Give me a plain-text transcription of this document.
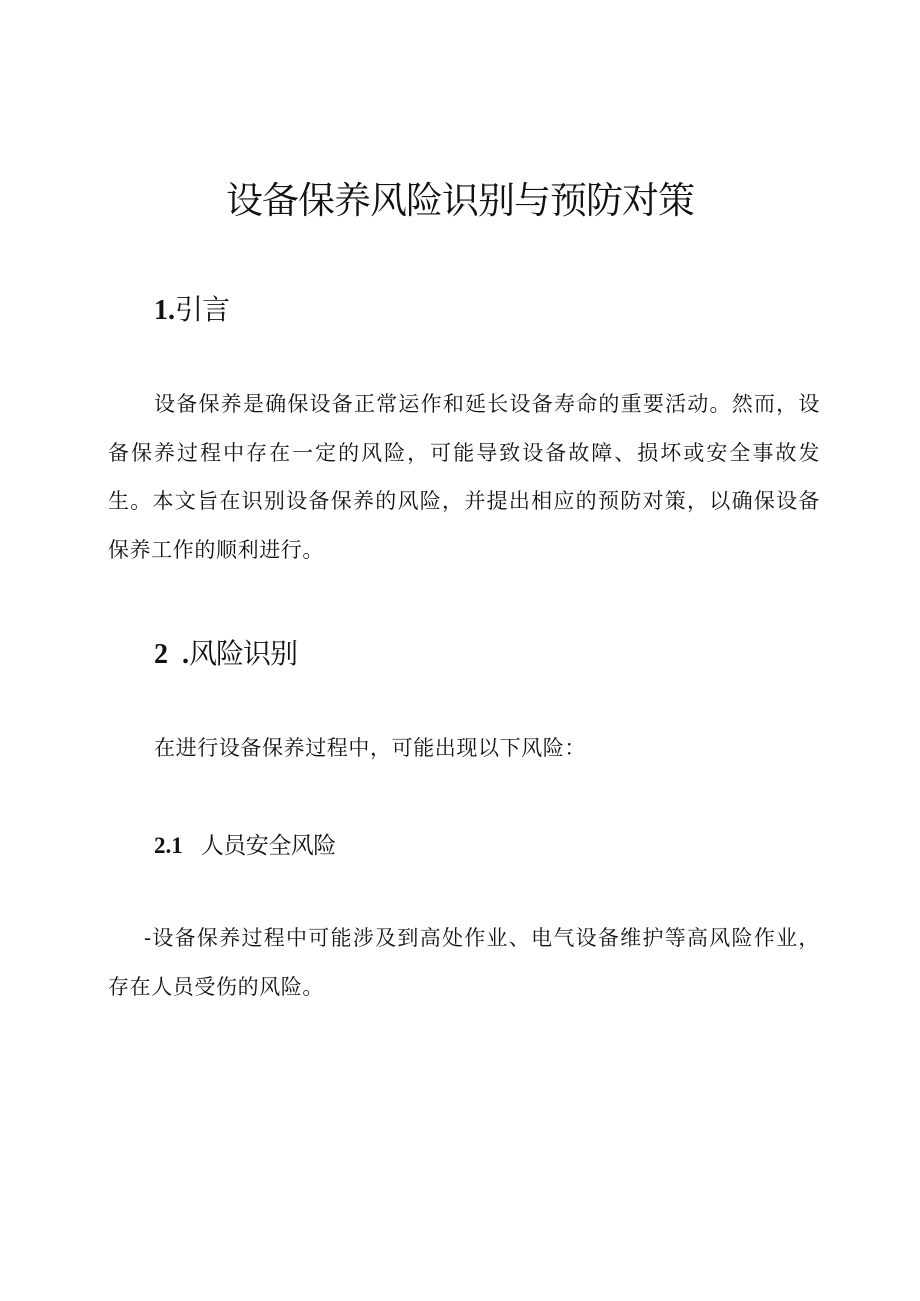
设备保养风险识别与预防对策
1.引言

设备保养是确保设备正常运作和延长设备寿命的重要活动。然而，设备保养过程中存在一定的风险，可能导致设备故障、损坏或安全事故发生。本文旨在识别设备保养的风险，并提出相应的预防对策，以确保设备保养工作的顺利进行。

2  .风险识别

在进行设备保养过程中，可能出现以下风险：

2.1 人员安全风险

-设备保养过程中可能涉及到高处作业、电气设备维护等高风险作业，存在人员受伤的风险。
